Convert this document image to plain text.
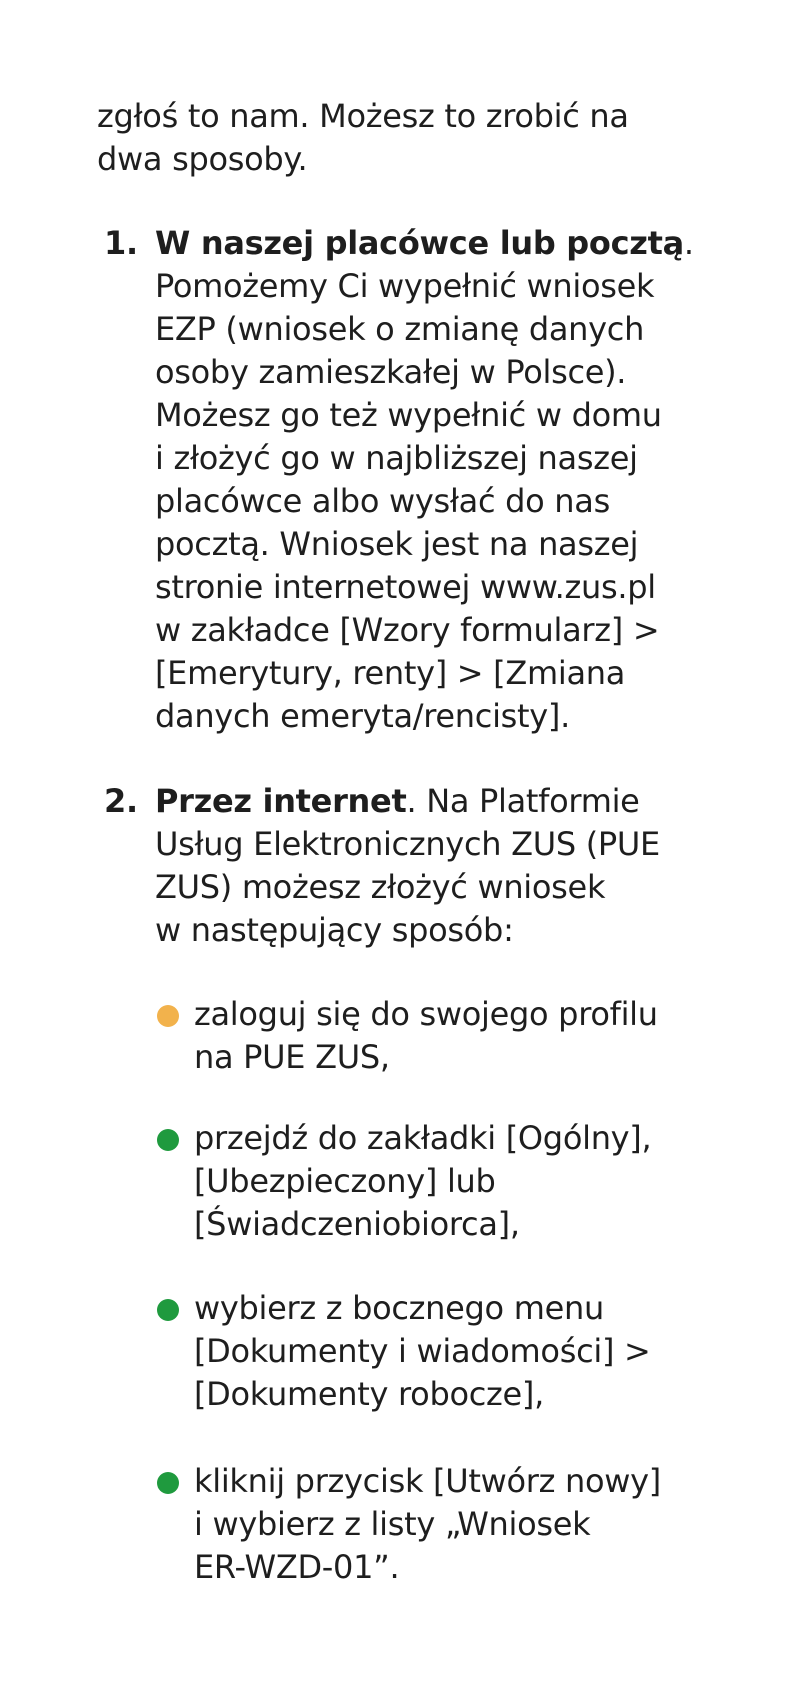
zgłoś to nam. Możesz to zrobić na
dwa sposoby.
1. W naszej placówce lub pocztą.
Pomożemy Ci wypełnić wniosek
EZP (wniosek o zmianę danych
osoby zamieszkałej w Polsce).
Możesz go też wypełnić w domu
i złożyć go w najbliższej naszej
placówce albo wysłać do nas
pocztą. Wniosek jest na naszej
stronie internetowej www.zus.pl
w zakładce [Wzory formularz] >
[Emerytury, renty] > [Zmiana
danych emeryta/rencisty].
2. Przez internet. Na Platformie
Usług Elektronicznych ZUS (PUE
ZUS) możesz złożyć wniosek
w następujący sposób:
zaloguj się do swojego profilu
na PUE ZUS,
przejdź do zakładki [Ogólny],
[Ubezpieczony] lub
[Świadczeniobiorca],
wybierz z bocznego menu
[Dokumenty i wiadomości] >
[Dokumenty robocze],
kliknij przycisk [Utwórz nowy]
i wybierz z listy „Wniosek
ER-WZD-01”.
